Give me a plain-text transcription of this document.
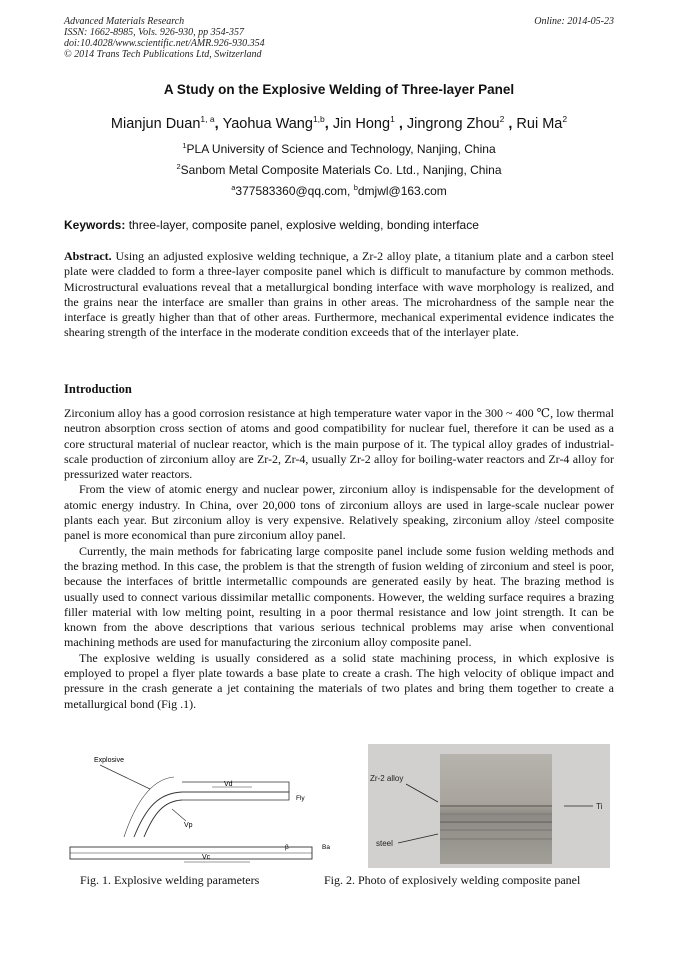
Advanced Materials Research
ISSN: 1662-8985, Vols. 926-930, pp 354-357
doi:10.4028/www.scientific.net/AMR.926-930.354
© 2014 Trans Tech Publications Ltd, Switzerland
Online: 2014-05-23
A Study on the Explosive Welding of Three-layer Panel
Mianjun Duan$^{1, a}$, Yaohua Wang$^{1,b}$, Jin Hong$^1$ , Jingrong Zhou$^2$ , Rui Ma$^2$
$^1$PLA University of Science and Technology, Nanjing, China
$^2$Sanbom Metal Composite Materials Co. Ltd., Nanjing, China
$^a$377583360@qq.com, $^b$dmjwl@163.com
Keywords: three-layer, composite panel, explosive welding, bonding interface

Abstract. Using an adjusted explosive welding technique, a Zr-2 alloy plate, a titanium plate and a carbon steel plate were cladded to form a three-layer composite panel which is difficult to manufacture by common methods. Microstructural evaluations reveal that a metallurgical bonding interface with wave morphology is realized, and the grains near the interface are smaller than grains in other areas. The microhardness of the sample near the interface is greatly higher than that of other areas. Furthermore, mechanical experimental evidence indicates the shearing strength of the interface in the moderate condition exceeds that of the interlayer plate.

Introduction

Zirconium alloy has a good corrosion resistance at high temperature water vapor in the 300 ~ 400 ℃, low thermal neutron absorption cross section of atoms and good compatibility for nuclear fuel, therefore it can be used as a core structural material of nuclear reactor, which is the main purpose of it. The typical alloy grades of industrial-scale production of zirconium alloy are Zr-2, Zr-4, usually Zr-2 alloy for boiling-water reactors and Zr-4 alloy for pressurized water reactors.

From the view of atomic energy and nuclear power, zirconium alloy is indispensable for the development of atomic energy industry. In China, over 20,000 tons of zirconium alloys are used in large-scale nuclear power plants each year. But zirconium alloy is very expensive. Relatively speaking, zirconium alloy /steel composite panel is more economical than pure zirconium alloy panel.

Currently, the main methods for fabricating large composite panel include some fusion welding methods and the brazing method. In this case, the problem is that the strength of fusion welding of zirconium and steel is poor, because the interfaces of brittle intermetallic compounds are generated easily by heat. The brazing method is usually used to connect various dissimilar metallic components. However, the welding surface requires a brazing filler material with low melting point, resulting in a poor thermal resistance and low joint strength. It can be known from the above descriptions that various serious technical problems may arise when conventional machining methods are used for manufacturing the zirconium alloy composite panel.

The explosive welding is usually considered as a solid state machining process, in which explosive is employed to propel a flyer plate towards a base plate to create a crash. The high velocity of oblique impact and pressure in the crash generate a jet containing the materials of two plates and bring them together to create a metallurgical bond (Fig .1).

Explosive
Vd
Fly
Vp
β	Ba
Vc
Zr-2 alloy
Ti
steel
Fig. 1. Explosive welding parameters	Fig. 2. Photo of explosively welding composite panel
